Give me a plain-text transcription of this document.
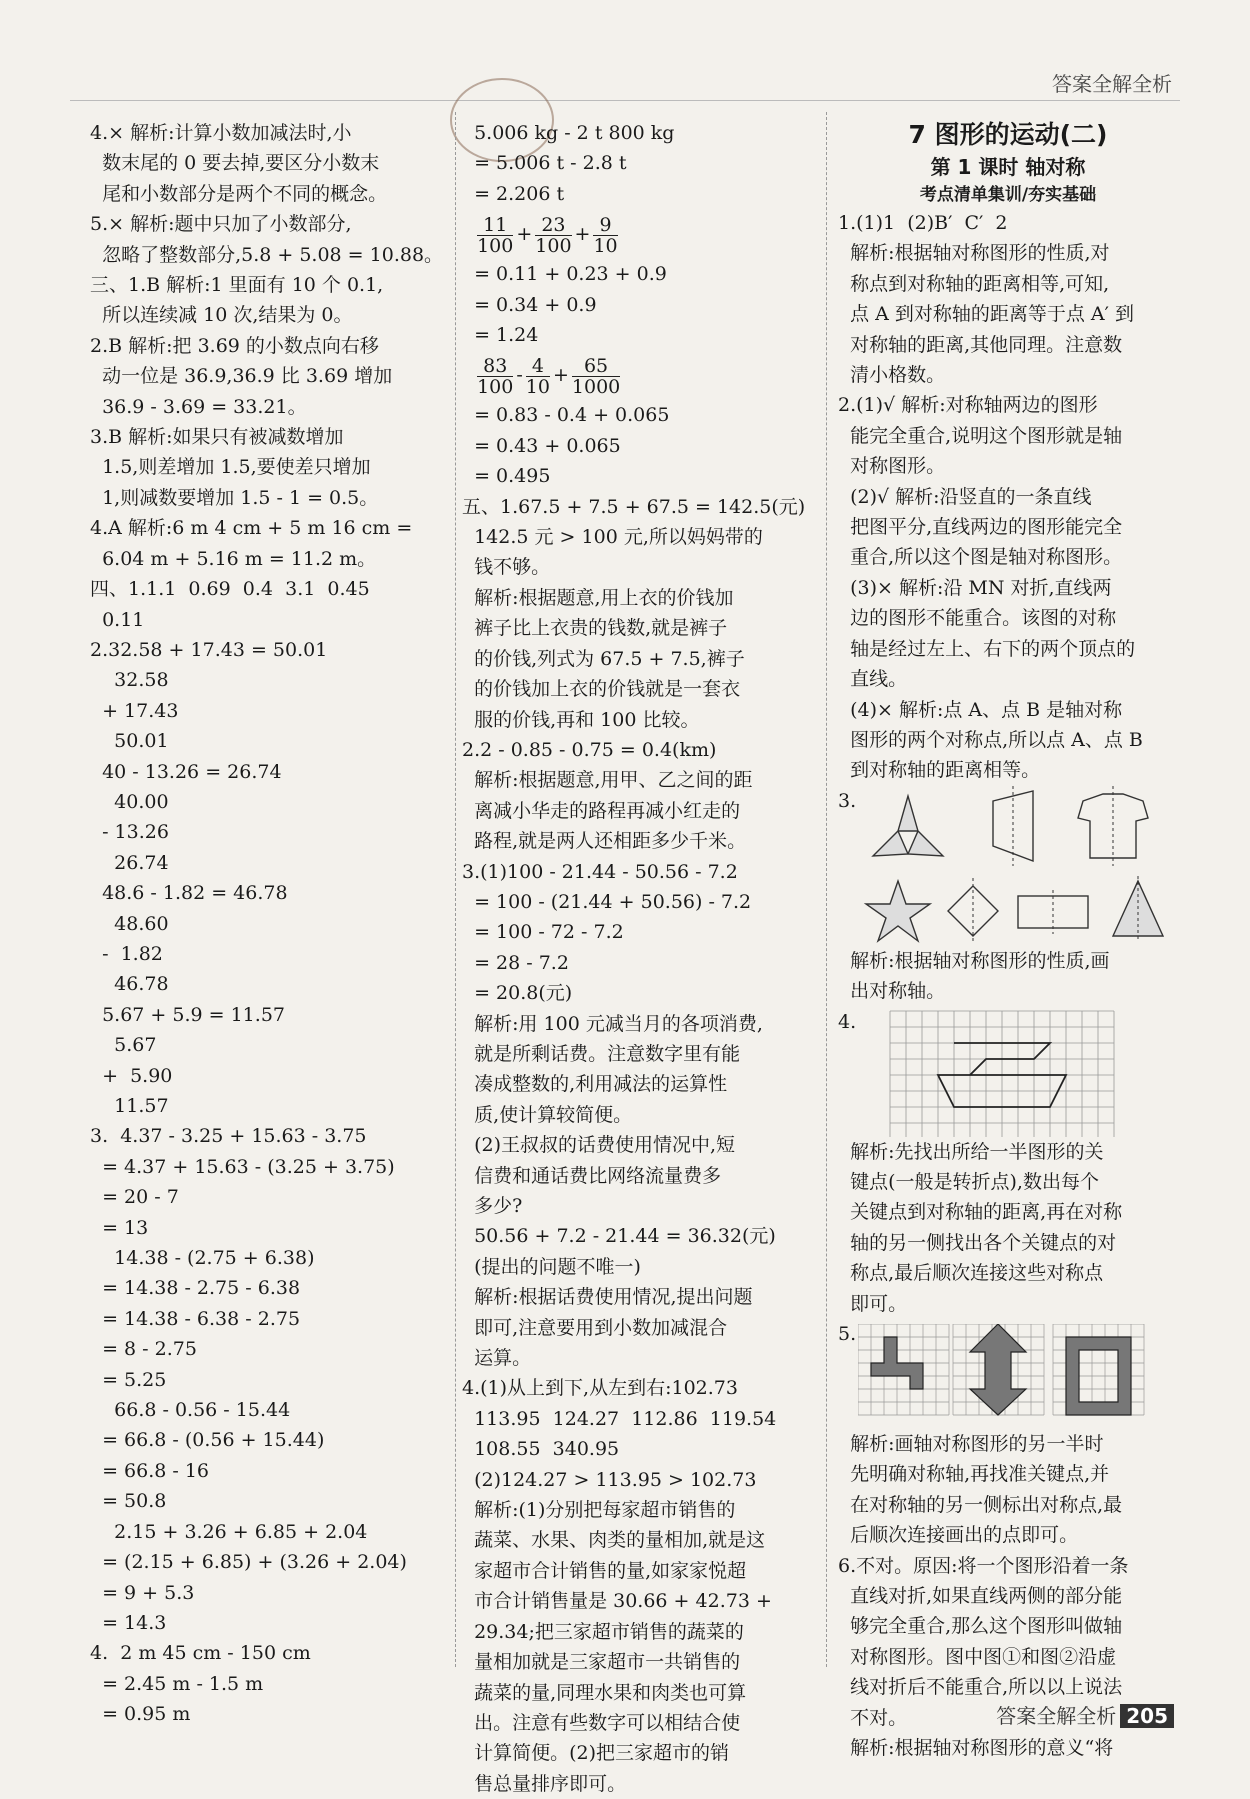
答案全解全析
4.× 解析:计算小数加减法时,小
数末尾的 0 要去掉,要区分小数末
尾和小数部分是两个不同的概念。
5.× 解析:题中只加了小数部分,
忽略了整数部分,5.8 + 5.08 = 10.88。
三、1.B 解析:1 里面有 10 个 0.1,
所以连续减 10 次,结果为 0。
2.B 解析:把 3.69 的小数点向右移
动一位是 36.9,36.9 比 3.69 增加
36.9 - 3.69 = 33.21。
3.B 解析:如果只有被减数增加
1.5,则差增加 1.5,要使差只增加
1,则减数要增加 1.5 - 1 = 0.5。
4.A 解析:6 m 4 cm + 5 m 16 cm =
6.04 m + 5.16 m = 11.2 m。
四、1.1.1  0.69  0.4  3.1  0.45
0.11
2.32.58 + 17.43 = 50.01
32.58
+ 17.43
50.01
40 - 13.26 = 26.74
40.00
- 13.26
26.74
48.6 - 1.82 = 46.78
48.60
-  1.82
46.78
5.67 + 5.9 = 11.57
5.67
+  5.90
11.57
3.  4.37 - 3.25 + 15.63 - 3.75
= 4.37 + 15.63 - (3.25 + 3.75)
= 20 - 7
= 13
14.38 - (2.75 + 6.38)
= 14.38 - 2.75 - 6.38
= 14.38 - 6.38 - 2.75
= 8 - 2.75
= 5.25
66.8 - 0.56 - 15.44
= 66.8 - (0.56 + 15.44)
= 66.8 - 16
= 50.8
2.15 + 3.26 + 6.85 + 2.04
= (2.15 + 6.85) + (3.26 + 2.04)
= 9 + 5.3
= 14.3
4.  2 m 45 cm - 150 cm
= 2.45 m - 1.5 m
= 0.95 m
5.006 kg - 2 t 800 kg
= 5.006 t - 2.8 t
= 2.206 t

$\frac{11}{100} + \frac{23}{100} + \frac{9}{10}$
= 0.11 + 0.23 + 0.9
= 0.34 + 0.9
= 1.24

$\frac{83}{100} - \frac{4}{10} + \frac{65}{1000}$
= 0.83 - 0.4 + 0.065
= 0.43 + 0.065
= 0.495
五、1.67.5 + 7.5 + 67.5 = 142.5(元)
142.5 元 > 100 元,所以妈妈带的
钱不够。
解析:根据题意,用上衣的价钱加
裤子比上衣贵的钱数,就是裤子
的价钱,列式为 67.5 + 7.5,裤子
的价钱加上衣的价钱就是一套衣
服的价钱,再和 100 比较。
2.2 - 0.85 - 0.75 = 0.4(km)
解析:根据题意,用甲、乙之间的距
离减小华走的路程再减小红走的
路程,就是两人还相距多少千米。
3.(1)100 - 21.44 - 50.56 - 7.2
= 100 - (21.44 + 50.56) - 7.2
= 100 - 72 - 7.2
= 28 - 7.2
= 20.8(元)
解析:用 100 元减当月的各项消费,
就是所剩话费。注意数字里有能
凑成整数的,利用减法的运算性
质,使计算较简便。
(2)王叔叔的话费使用情况中,短
信费和通话费比网络流量费多
多少?
50.56 + 7.2 - 21.44 = 36.32(元)
(提出的问题不唯一)
解析:根据话费使用情况,提出问题
即可,注意要用到小数加减混合
运算。
4.(1)从上到下,从左到右:102.73
113.95  124.27  112.86  119.54
108.55  340.95
(2)124.27 > 113.95 > 102.73
解析:(1)分别把每家超市销售的
蔬菜、水果、肉类的量相加,就是这
家超市合计销售的量,如家家悦超
市合计销售量是 30.66 + 42.73 +
29.34;把三家超市销售的蔬菜的
量相加就是三家超市一共销售的
蔬菜的量,同理水果和肉类也可算
出。注意有些数字可以相结合使
计算简便。(2)把三家超市的销
售总量排序即可。
7 图形的运动(二)
第 1 课时 轴对称
考点清单集训/夯实基础
1.(1)1  (2)B′  C′  2
解析:根据轴对称图形的性质,对
称点到对称轴的距离相等,可知,
点 A 到对称轴的距离等于点 A′ 到
对称轴的距离,其他同理。注意数
清小格数。
2.(1)√ 解析:对称轴两边的图形
能完全重合,说明这个图形就是轴
对称图形。
(2)√ 解析:沿竖直的一条直线
把图平分,直线两边的图形能完全
重合,所以这个图是轴对称图形。
(3)× 解析:沿 MN 对折,直线两
边的图形不能重合。该图的对称
轴是经过左上、右下的两个顶点的
直线。
(4)× 解析:点 A、点 B 是轴对称
图形的两个对称点,所以点 A、点 B
到对称轴的距离相等。
3.
解析:根据轴对称图形的性质,画
出对称轴。
4.
解析:先找出所给一半图形的关
键点(一般是转折点),数出每个
关键点到对称轴的距离,再在对称
轴的另一侧找出各个关键点的对
称点,最后顺次连接这些对称点
即可。
5.
解析:画轴对称图形的另一半时
先明确对称轴,再找准关键点,并
在对称轴的另一侧标出对称点,最
后顺次连接画出的点即可。
6.不对。原因:将一个图形沿着一条
直线对折,如果直线两侧的部分能
够完全重合,那么这个图形叫做轴
对称图形。图中图①和图②沿虚
线对折后不能重合,所以以上说法
不对。
解析:根据轴对称图形的意义“将
答案全解全析 205
